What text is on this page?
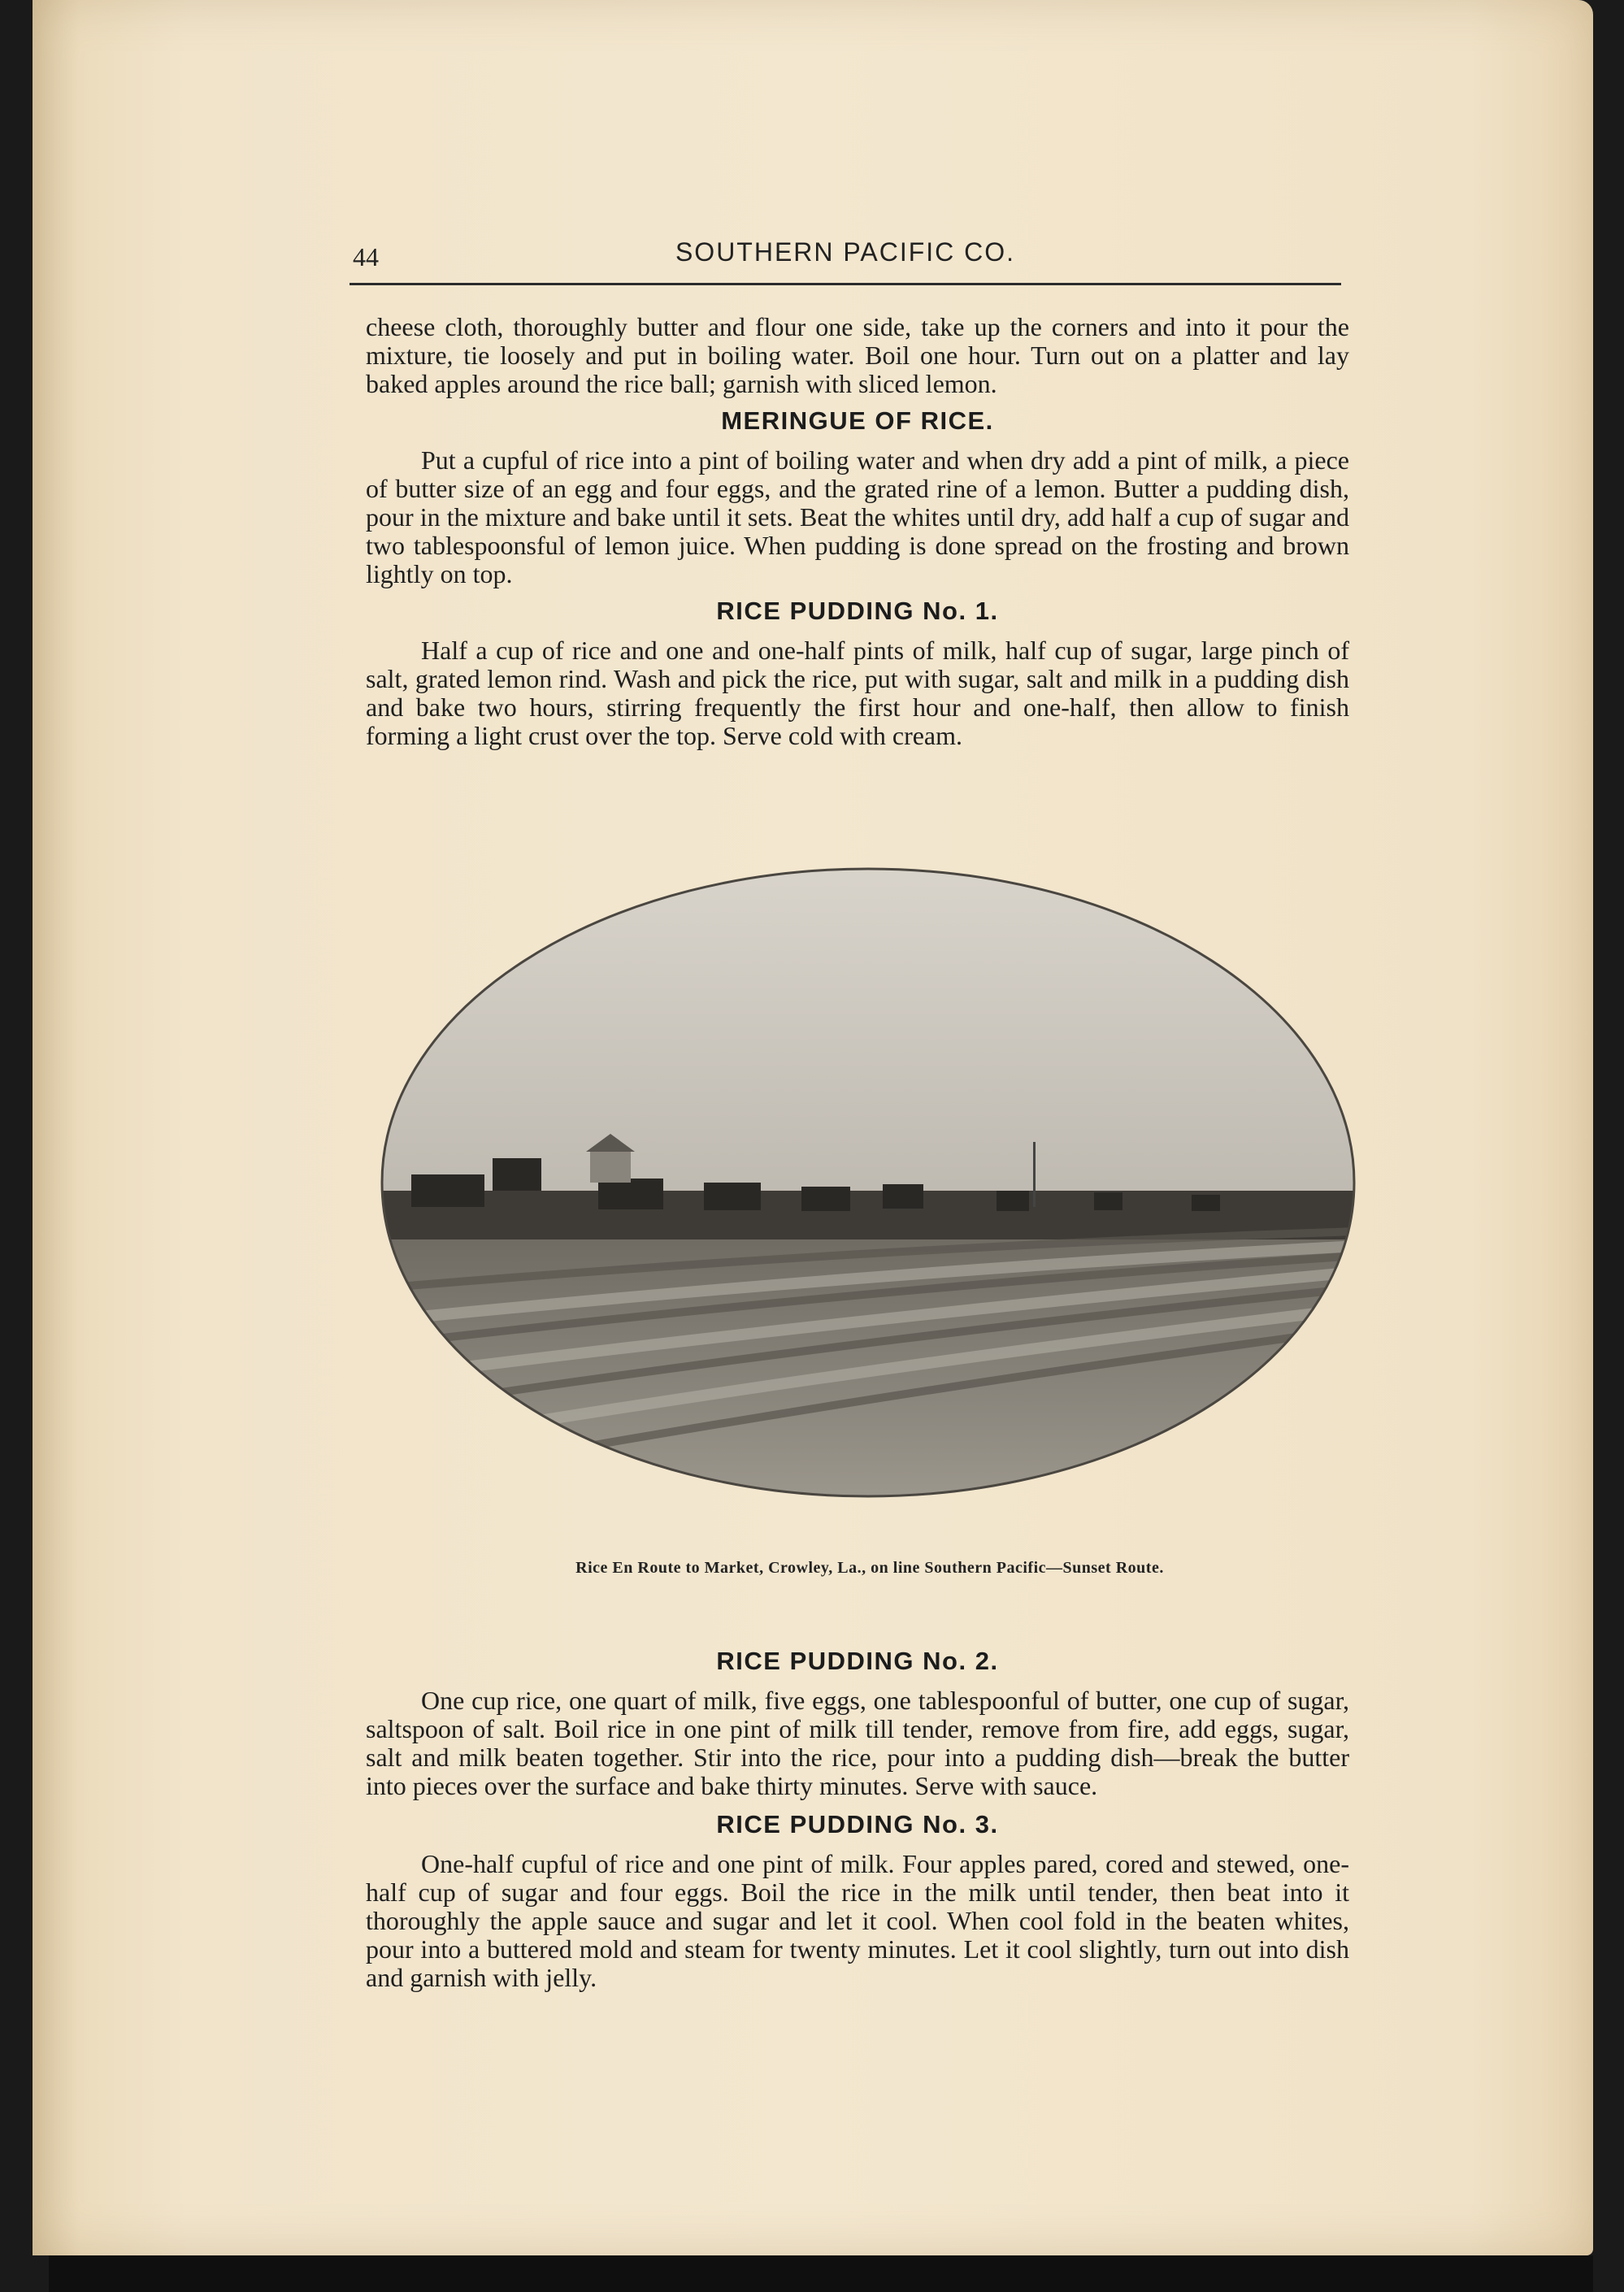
44	SOUTHERN PACIFIC CO.

cheese cloth, thoroughly butter and flour one side, take up the corners and into it pour the mixture, tie loosely and put in boiling water. Boil one hour. Turn out on a platter and lay baked apples around the rice ball; garnish with sliced lemon.

MERINGUE OF RICE.

Put a cupful of rice into a pint of boiling water and when dry add a pint of milk, a piece of butter size of an egg and four eggs, and the grated rine of a lemon. Butter a pudding dish, pour in the mixture and bake until it sets. Beat the whites until dry, add half a cup of sugar and two tablespoonsful of lemon juice. When pudding is done spread on the frosting and brown lightly on top.

RICE PUDDING No. 1.

Half a cup of rice and one and one-half pints of milk, half cup of sugar, large pinch of salt, grated lemon rind. Wash and pick the rice, put with sugar, salt and milk in a pudding dish and bake two hours, stirring frequently the first hour and one-half, then allow to finish forming a light crust over the top. Serve cold with cream.

Rice En Route to Market, Crowley, La., on line Southern Pacific—Sunset Route.
RICE PUDDING No. 2.

One cup rice, one quart of milk, five eggs, one tablespoonful of butter, one cup of sugar, saltspoon of salt. Boil rice in one pint of milk till tender, remove from fire, add eggs, sugar, salt and milk beaten together. Stir into the rice, pour into a pudding dish—break the butter into pieces over the surface and bake thirty minutes. Serve with sauce.

RICE PUDDING No. 3.

One-half cupful of rice and one pint of milk. Four apples pared, cored and stewed, one-half cup of sugar and four eggs. Boil the rice in the milk until tender, then beat into it thoroughly the apple sauce and sugar and let it cool. When cool fold in the beaten whites, pour into a buttered mold and steam for twenty minutes. Let it cool slightly, turn out into dish and garnish with jelly.
